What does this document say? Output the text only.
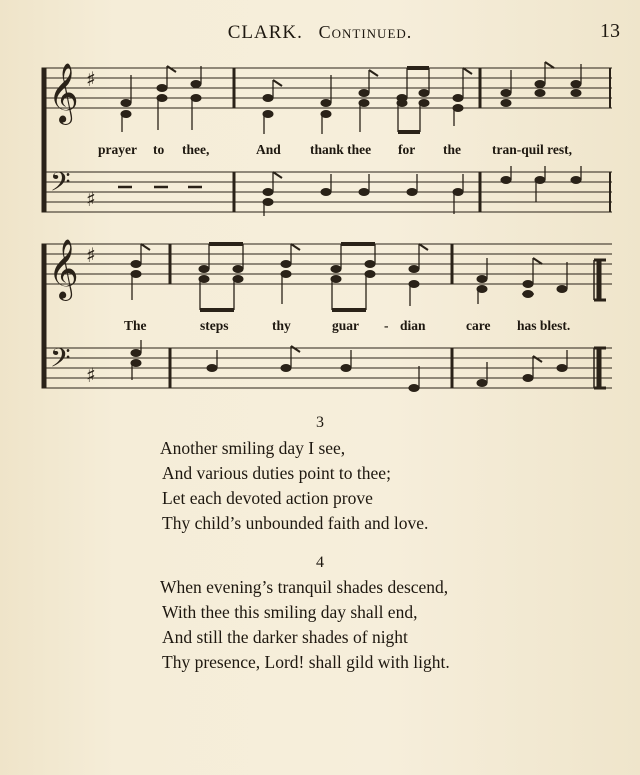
CLARK. Continued.	13
𝄞 ♯
𝄢 ♯
prayer to thee,	And thank thee for the tran-quil rest,
𝄞 ♯
𝄢 ♯
The	steps	thy	guar - dian	care has blest.
3
Another smiling day I see,
And various duties point to thee;
Let each devoted action prove
Thy child’s unbounded faith and love.
4
When evening’s tranquil shades descend,
With thee this smiling day shall end,
And still the darker shades of night
Thy presence, Lord! shall gild with light.
